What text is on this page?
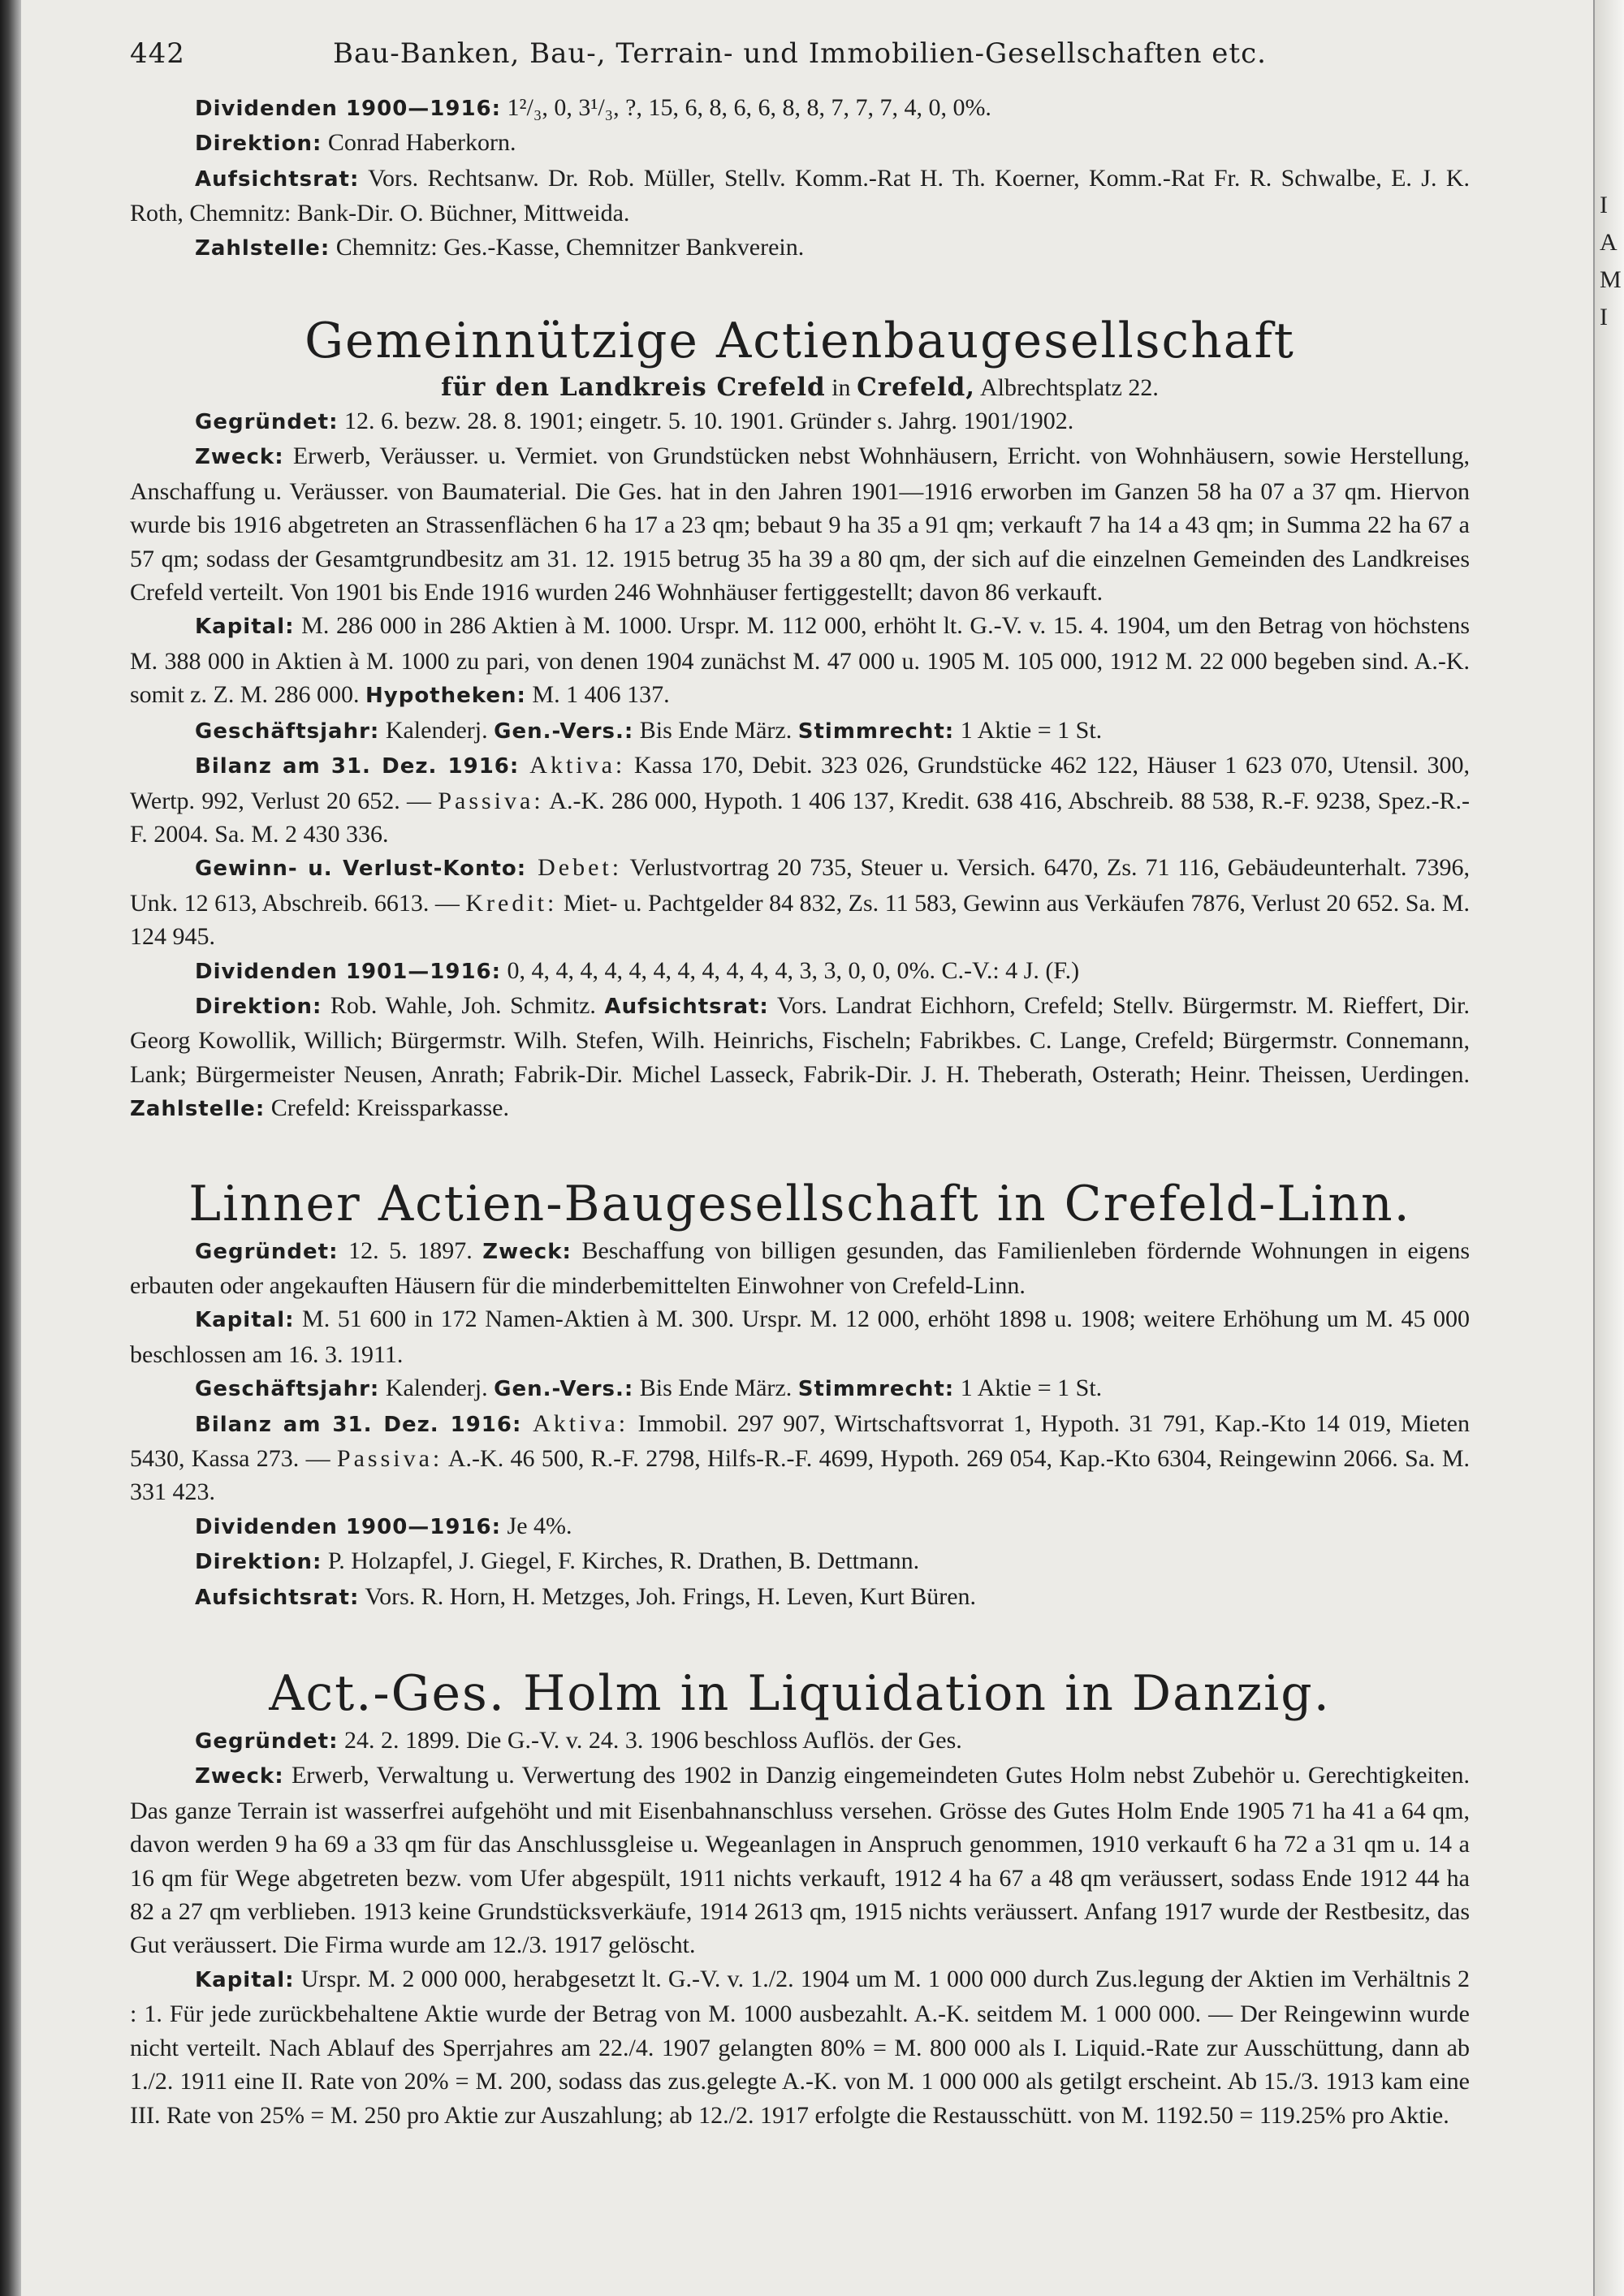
I
A
M
I
442	Bau-Banken, Bau-, Terrain- und Immobilien-Gesellschaften etc.

Dividenden 1900—1916: 1²/₃, 0, 3¹/₃, ?, 15, 6, 8, 6, 6, 8, 8, 7, 7, 7, 4, 0, 0%.

Direktion: Conrad Haberkorn.

Aufsichtsrat: Vors. Rechtsanw. Dr. Rob. Müller, Stellv. Komm.-Rat H. Th. Koerner, Komm.-Rat Fr. R. Schwalbe, E. J. K. Roth, Chemnitz: Bank-Dir. O. Büchner, Mittweida.

Zahlstelle: Chemnitz: Ges.-Kasse, Chemnitzer Bankverein.

Gemeinnützige Actienbaugesellschaft
für den Landkreis Crefeld in Crefeld, Albrechtsplatz 22.

Gegründet: 12. 6. bezw. 28. 8. 1901; eingetr. 5. 10. 1901. Gründer s. Jahrg. 1901/1902.

Zweck: Erwerb, Veräusser. u. Vermiet. von Grundstücken nebst Wohnhäusern, Erricht. von Wohnhäusern, sowie Herstellung, Anschaffung u. Veräusser. von Baumaterial. Die Ges. hat in den Jahren 1901—1916 erworben im Ganzen 58 ha 07 a 37 qm. Hiervon wurde bis 1916 abgetreten an Strassenflächen 6 ha 17 a 23 qm; bebaut 9 ha 35 a 91 qm; verkauft 7 ha 14 a 43 qm; in Summa 22 ha 67 a 57 qm; sodass der Gesamtgrundbesitz am 31. 12. 1915 betrug 35 ha 39 a 80 qm, der sich auf die einzelnen Gemeinden des Landkreises Crefeld verteilt. Von 1901 bis Ende 1916 wurden 246 Wohnhäuser fertiggestellt; davon 86 verkauft.

Kapital: M. 286 000 in 286 Aktien à M. 1000. Urspr. M. 112 000, erhöht lt. G.-V. v. 15. 4. 1904, um den Betrag von höchstens M. 388 000 in Aktien à M. 1000 zu pari, von denen 1904 zunächst M. 47 000 u. 1905 M. 105 000, 1912 M. 22 000 begeben sind. A.-K. somit z. Z. M. 286 000. Hypotheken: M. 1 406 137.

Geschäftsjahr: Kalenderj. Gen.-Vers.: Bis Ende März. Stimmrecht: 1 Aktie = 1 St.

Bilanz am 31. Dez. 1916: Aktiva: Kassa 170, Debit. 323 026, Grundstücke 462 122, Häuser 1 623 070, Utensil. 300, Wertp. 992, Verlust 20 652. — Passiva: A.-K. 286 000, Hypoth. 1 406 137, Kredit. 638 416, Abschreib. 88 538, R.-F. 9238, Spez.-R.-F. 2004. Sa. M. 2 430 336.

Gewinn- u. Verlust-Konto: Debet: Verlustvortrag 20 735, Steuer u. Versich. 6470, Zs. 71 116, Gebäudeunterhalt. 7396, Unk. 12 613, Abschreib. 6613. — Kredit: Miet- u. Pachtgelder 84 832, Zs. 11 583, Gewinn aus Verkäufen 7876, Verlust 20 652. Sa. M. 124 945.

Dividenden 1901—1916: 0, 4, 4, 4, 4, 4, 4, 4, 4, 4, 4, 4, 3, 3, 0, 0, 0%. C.-V.: 4 J. (F.)

Direktion: Rob. Wahle, Joh. Schmitz. Aufsichtsrat: Vors. Landrat Eichhorn, Crefeld; Stellv. Bürgermstr. M. Rieffert, Dir. Georg Kowollik, Willich; Bürgermstr. Wilh. Stefen, Wilh. Heinrichs, Fischeln; Fabrikbes. C. Lange, Crefeld; Bürgermstr. Connemann, Lank; Bürgermeister Neusen, Anrath; Fabrik-Dir. Michel Lasseck, Fabrik-Dir. J. H. Theberath, Osterath; Heinr. Theissen, Uerdingen. Zahlstelle: Crefeld: Kreissparkasse.

Linner Actien-Baugesellschaft in Crefeld-Linn.

Gegründet: 12. 5. 1897. Zweck: Beschaffung von billigen gesunden, das Familienleben fördernde Wohnungen in eigens erbauten oder angekauften Häusern für die minderbemittelten Einwohner von Crefeld-Linn.

Kapital: M. 51 600 in 172 Namen-Aktien à M. 300. Urspr. M. 12 000, erhöht 1898 u. 1908; weitere Erhöhung um M. 45 000 beschlossen am 16. 3. 1911.

Geschäftsjahr: Kalenderj. Gen.-Vers.: Bis Ende März. Stimmrecht: 1 Aktie = 1 St.

Bilanz am 31. Dez. 1916: Aktiva: Immobil. 297 907, Wirtschaftsvorrat 1, Hypoth. 31 791, Kap.-Kto 14 019, Mieten 5430, Kassa 273. — Passiva: A.-K. 46 500, R.-F. 2798, Hilfs-R.-F. 4699, Hypoth. 269 054, Kap.-Kto 6304, Reingewinn 2066. Sa. M. 331 423.

Dividenden 1900—1916: Je 4%.

Direktion: P. Holzapfel, J. Giegel, F. Kirches, R. Drathen, B. Dettmann.

Aufsichtsrat: Vors. R. Horn, H. Metzges, Joh. Frings, H. Leven, Kurt Büren.

Act.-Ges. Holm in Liquidation in Danzig.

Gegründet: 24. 2. 1899. Die G.-V. v. 24. 3. 1906 beschloss Auflös. der Ges.

Zweck: Erwerb, Verwaltung u. Verwertung des 1902 in Danzig eingemeindeten Gutes Holm nebst Zubehör u. Gerechtigkeiten. Das ganze Terrain ist wasserfrei aufgehöht und mit Eisenbahnanschluss versehen. Grösse des Gutes Holm Ende 1905 71 ha 41 a 64 qm, davon werden 9 ha 69 a 33 qm für das Anschlussgleise u. Wegeanlagen in Anspruch genommen, 1910 verkauft 6 ha 72 a 31 qm u. 14 a 16 qm für Wege abgetreten bezw. vom Ufer abgespült, 1911 nichts verkauft, 1912 4 ha 67 a 48 qm veräussert, sodass Ende 1912 44 ha 82 a 27 qm verblieben. 1913 keine Grundstücksverkäufe, 1914 2613 qm, 1915 nichts veräussert. Anfang 1917 wurde der Restbesitz, das Gut veräussert. Die Firma wurde am 12./3. 1917 gelöscht.

Kapital: Urspr. M. 2 000 000, herabgesetzt lt. G.-V. v. 1./2. 1904 um M. 1 000 000 durch Zus.legung der Aktien im Verhältnis 2 : 1. Für jede zurückbehaltene Aktie wurde der Betrag von M. 1000 ausbezahlt. A.-K. seitdem M. 1 000 000. — Der Reingewinn wurde nicht verteilt. Nach Ablauf des Sperrjahres am 22./4. 1907 gelangten 80% = M. 800 000 als I. Liquid.-Rate zur Ausschüttung, dann ab 1./2. 1911 eine II. Rate von 20% = M. 200, sodass das zus.gelegte A.-K. von M. 1 000 000 als getilgt erscheint. Ab 15./3. 1913 kam eine III. Rate von 25% = M. 250 pro Aktie zur Auszahlung; ab 12./2. 1917 erfolgte die Restausschütt. von M. 1192.50 = 119.25% pro Aktie.
